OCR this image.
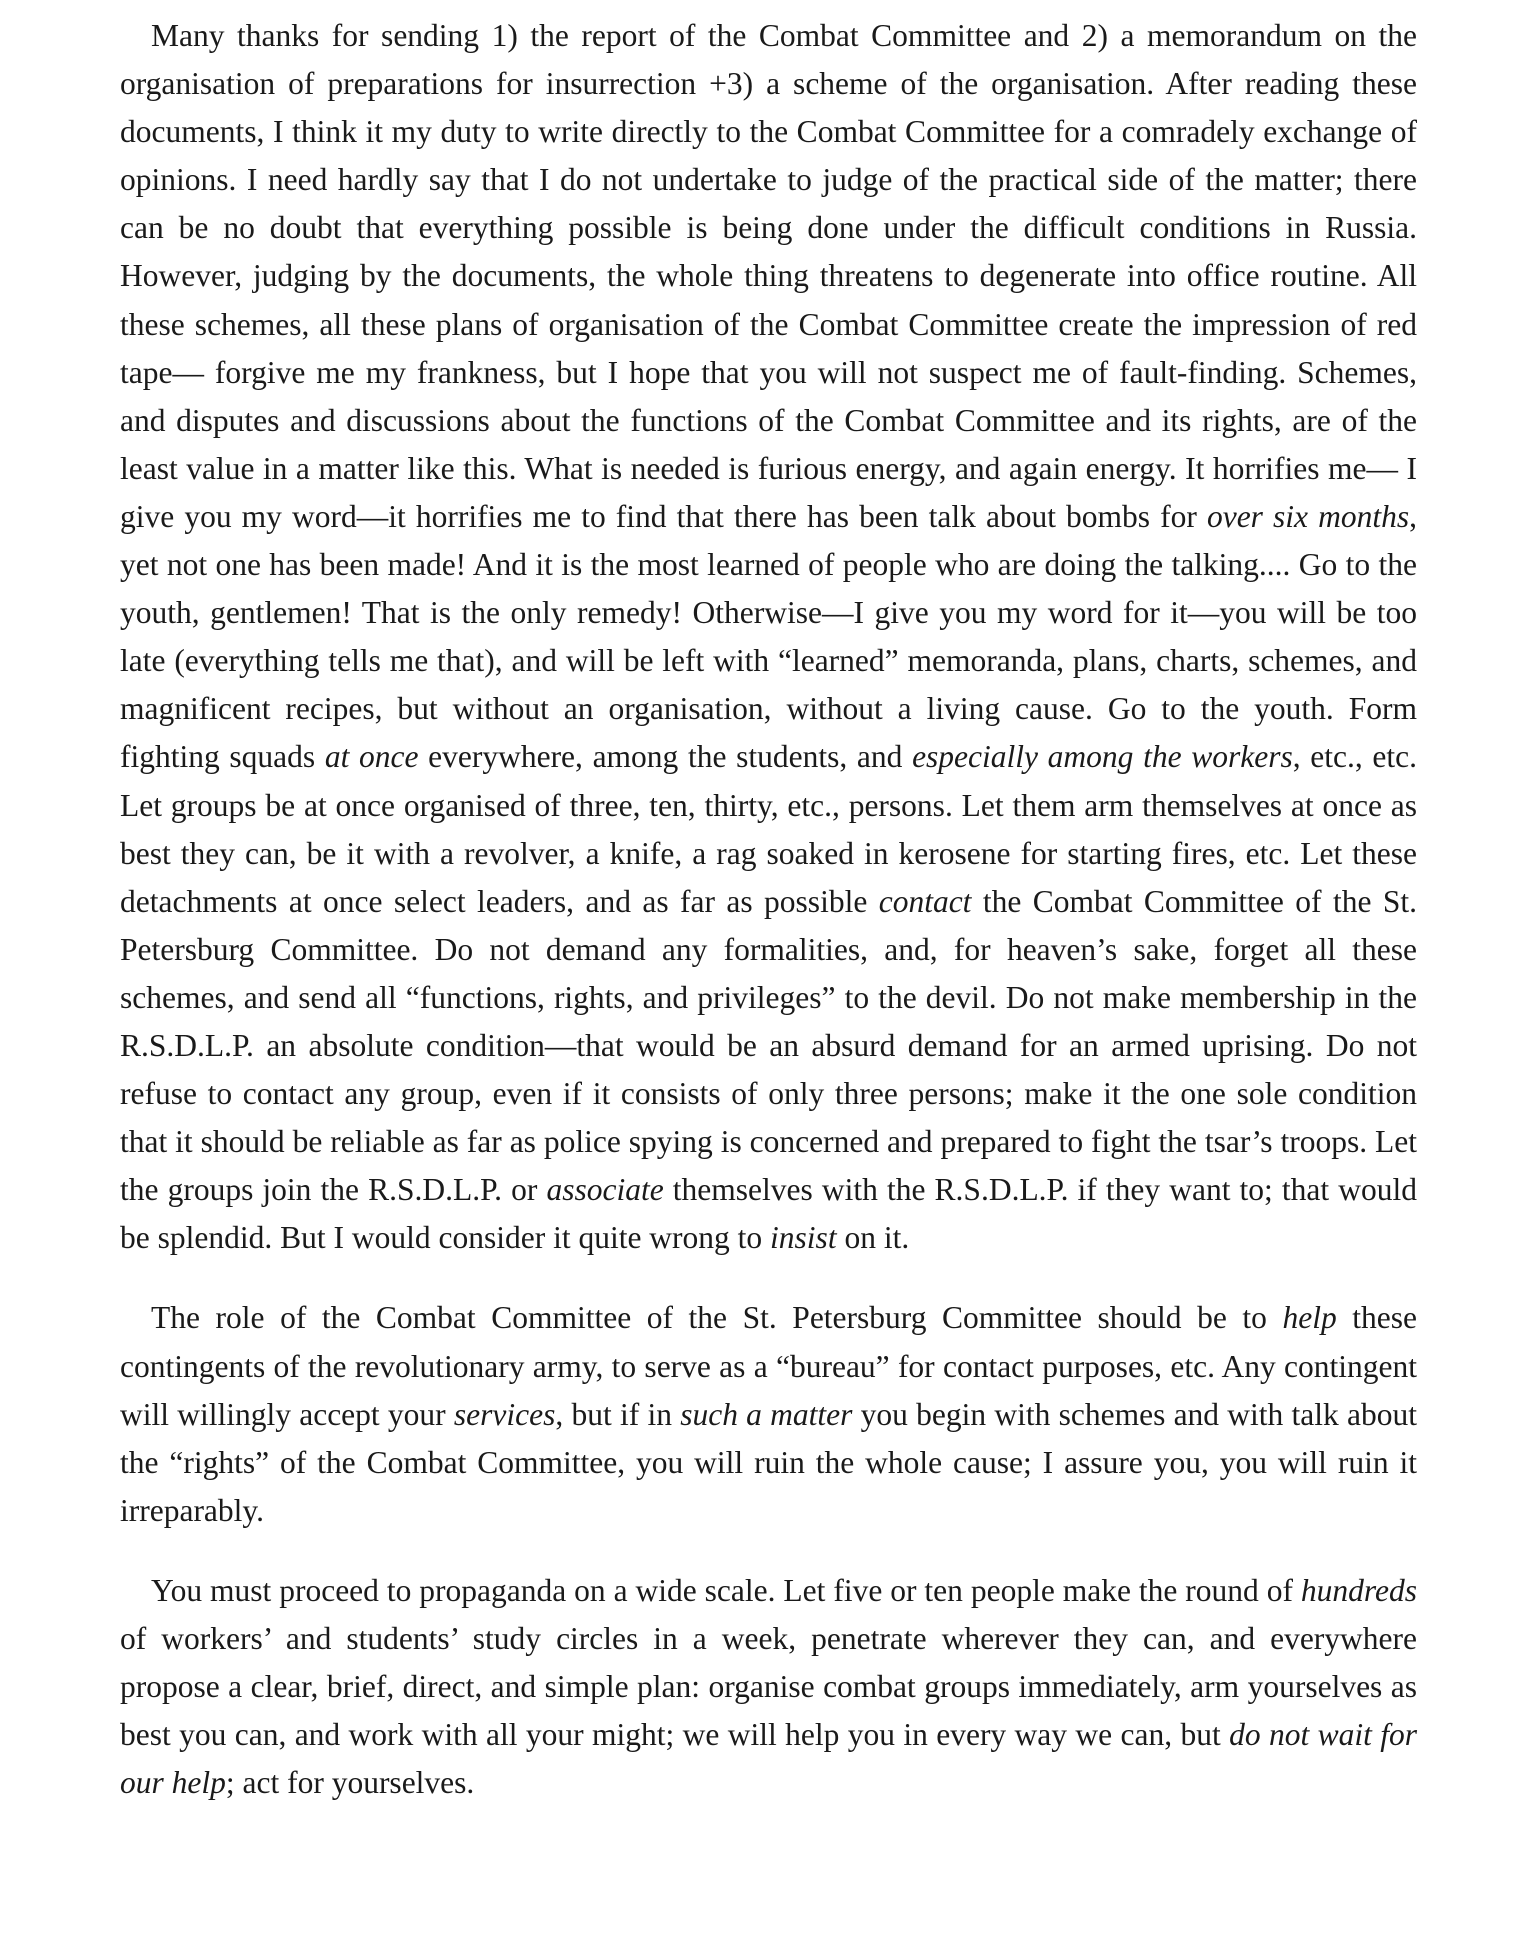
Many thanks for sending 1) the report of the Combat Committee and 2) a memorandum on the organisation of preparations for insurrection +3) a scheme of the organisation. After reading these documents, I think it my duty to write directly to the Combat Committee for a comradely exchange of opinions. I need hardly say that I do not undertake to judge of the practical side of the matter; there can be no doubt that everything possible is being done under the difficult conditions in Russia. However, judging by the documents, the whole thing threatens to degenerate into office routine. All these schemes, all these plans of organisation of the Combat Committee create the impression of red tape— forgive me my frankness, but I hope that you will not suspect me of fault-finding. Schemes, and disputes and discussions about the functions of the Combat Committee and its rights, are of the least value in a matter like this. What is needed is furious energy, and again energy. It horrifies me— I give you my word—it horrifies me to find that there has been talk about bombs for over six months, yet not one has been made! And it is the most learned of people who are doing the talking.... Go to the youth, gentlemen! That is the only remedy! Otherwise—I give you my word for it—you will be too late (everything tells me that), and will be left with “learned” memoranda, plans, charts, schemes, and magnificent recipes, but without an organisation, without a living cause. Go to the youth. Form fighting squads at once everywhere, among the students, and especially among the workers, etc., etc. Let groups be at once organised of three, ten, thirty, etc., persons. Let them arm themselves at once as best they can, be it with a revolver, a knife, a rag soaked in kerosene for starting fires, etc. Let these detachments at once select leaders, and as far as possible contact the Combat Committee of the St. Petersburg Committee. Do not demand any formalities, and, for heaven’s sake, forget all these schemes, and send all “functions, rights, and privileges” to the devil. Do not make membership in the R.S.D.L.P. an absolute condition—that would be an absurd demand for an armed uprising. Do not refuse to contact any group, even if it consists of only three persons; make it the one sole condition that it should be reliable as far as police spying is concerned and prepared to fight the tsar’s troops. Let the groups join the R.S.D.L.P. or associate themselves with the R.S.D.L.P. if they want to; that would be splendid. But I would consider it quite wrong to insist on it.

The role of the Combat Committee of the St. Petersburg Committee should be to help these contingents of the revolutionary army, to serve as a “bureau” for contact purposes, etc. Any contingent will willingly accept your services, but if in such a matter you begin with schemes and with talk about the “rights” of the Combat Committee, you will ruin the whole cause; I assure you, you will ruin it irreparably.

You must proceed to propaganda on a wide scale. Let five or ten people make the round of hundreds of workers’ and students’ study circles in a week, penetrate wherever they can, and everywhere propose a clear, brief, direct, and simple plan: organise combat groups immediately, arm yourselves as best you can, and work with all your might; we will help you in every way we can, but do not wait for our help; act for yourselves.
